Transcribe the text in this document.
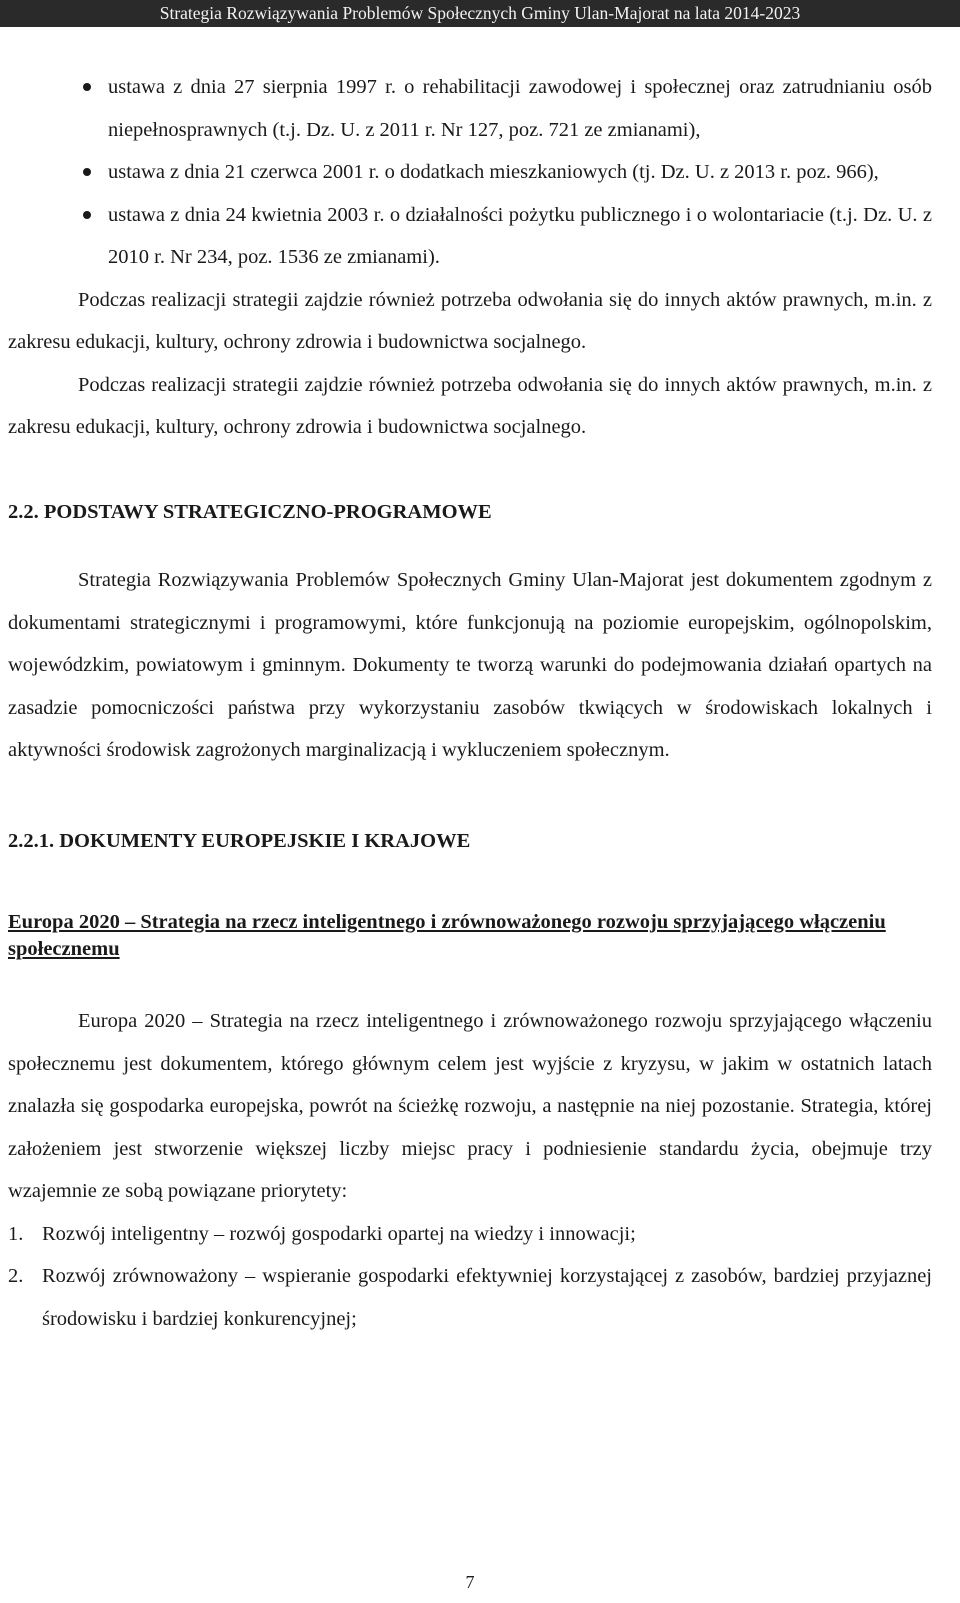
Strategia Rozwiązywania Problemów Społecznych Gminy Ulan-Majorat na lata 2014-2023
ustawa z dnia 27 sierpnia 1997 r. o rehabilitacji zawodowej i społecznej oraz zatrudnianiu osób niepełnosprawnych (t.j. Dz. U. z 2011 r. Nr 127, poz. 721 ze zmianami),
ustawa z dnia 21 czerwca 2001 r. o dodatkach mieszkaniowych (tj. Dz. U. z 2013 r. poz. 966),
ustawa z dnia 24 kwietnia 2003 r. o działalności pożytku publicznego i o wolontariacie (t.j. Dz. U. z 2010 r. Nr 234, poz. 1536 ze zmianami).

Podczas realizacji strategii zajdzie również potrzeba odwołania się do innych aktów prawnych, m.in. z zakresu edukacji, kultury, ochrony zdrowia i budownictwa socjalnego.

Podczas realizacji strategii zajdzie również potrzeba odwołania się do innych aktów prawnych, m.in. z zakresu edukacji, kultury, ochrony zdrowia i budownictwa socjalnego.

2.2. PODSTAWY STRATEGICZNO-PROGRAMOWE

Strategia Rozwiązywania Problemów Społecznych Gminy Ulan-Majorat jest dokumentem zgodnym z dokumentami strategicznymi i programowymi, które funkcjonują na poziomie europejskim, ogólnopolskim, wojewódzkim, powiatowym i gminnym. Dokumenty te tworzą warunki do podejmowania działań opartych na zasadzie pomocniczości państwa przy wykorzystaniu zasobów tkwiących w środowiskach lokalnych i aktywności środowisk zagrożonych marginalizacją i wykluczeniem społecznym.

2.2.1. DOKUMENTY EUROPEJSKIE I KRAJOWE

Europa 2020 – Strategia na rzecz inteligentnego i zrównoważonego rozwoju sprzyjającego włączeniu społecznemu

Europa 2020 – Strategia na rzecz inteligentnego i zrównoważonego rozwoju sprzyjającego włączeniu społecznemu jest dokumentem, którego głównym celem jest wyjście z kryzysu, w jakim w ostatnich latach znalazła się gospodarka europejska, powrót na ścieżkę rozwoju, a następnie na niej pozostanie. Strategia, której założeniem jest stworzenie większej liczby miejsc pracy i podniesienie standardu życia, obejmuje trzy wzajemnie ze sobą powiązane priorytety:

1. Rozwój inteligentny – rozwój gospodarki opartej na wiedzy i innowacji;
2. Rozwój zrównoważony – wspieranie gospodarki efektywniej korzystającej z zasobów, bardziej przyjaznej środowisku i bardziej konkurencyjnej;
7
